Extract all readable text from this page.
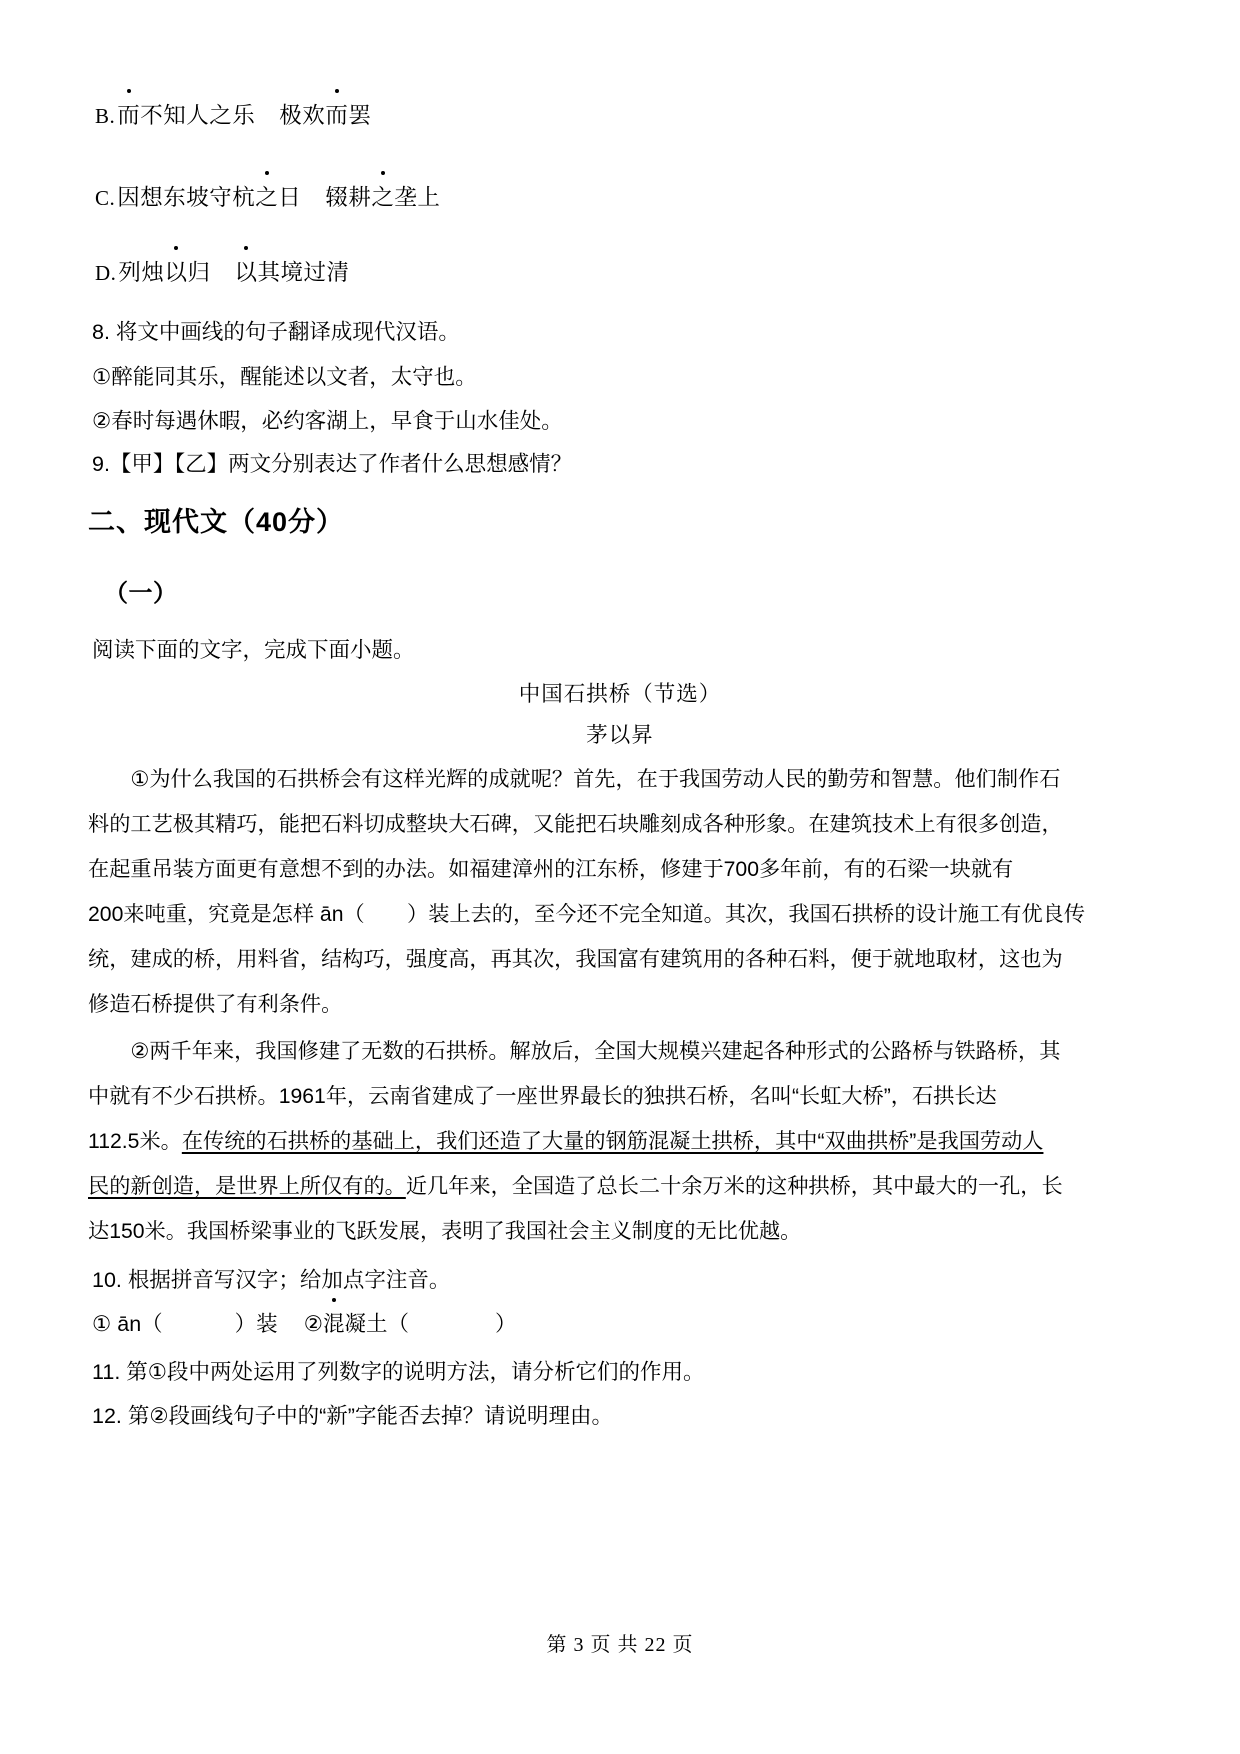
B.而不知人之乐 极欢而罢
C.因想东坡守杭之日 辍耕之垄上
D.列烛以归 以其境过清
8. 将文中画线的句子翻译成现代汉语。
①醉能同其乐，醒能述以文者，太守也。
②春时每遇休暇，必约客湖上，早食于山水佳处。
9.【甲】【乙】两文分别表达了作者什么思想感情？
二、现代文（40分）
（一）
阅读下面的文字，完成下面小题。
中国石拱桥（节选）
茅以昇
　　①为什么我国的石拱桥会有这样光辉的成就呢？首先，在于我国劳动人民的勤劳和智慧。他们制作石
料的工艺极其精巧，能把石料切成整块大石碑，又能把石块雕刻成各种形象。在建筑技术上有很多创造，
在起重吊装方面更有意想不到的办法。如福建漳州的江东桥，修建于700多年前，有的石梁一块就有
200来吨重，究竟是怎样 ān（　　）装上去的，至今还不完全知道。其次，我国石拱桥的设计施工有优良传
统，建成的桥，用料省，结构巧，强度高，再其次，我国富有建筑用的各种石料，便于就地取材，这也为
修造石桥提供了有利条件。
　　②两千年来，我国修建了无数的石拱桥。解放后，全国大规模兴建起各种形式的公路桥与铁路桥，其
中就有不少石拱桥。1961年，云南省建成了一座世界最长的独拱石桥，名叫“长虹大桥”，石拱长达
112.5米。在传统的石拱桥的基础上，我们还造了大量的钢筋混凝土拱桥，其中“双曲拱桥”是我国劳动人
民的新创造，是世界上所仅有的。近几年来，全国造了总长二十余万米的这种拱桥，其中最大的一孔，长
达150米。我国桥梁事业的飞跃发展，表明了我国社会主义制度的无比优越。
10. 根据拼音写汉字；给加点字注音。
① ān（	）装 ②混凝土（	）
11. 第①段中两处运用了列数字的说明方法，请分析它们的作用。
12. 第②段画线句子中的“新”字能否去掉？请说明理由。
第 3 页 共 22 页
